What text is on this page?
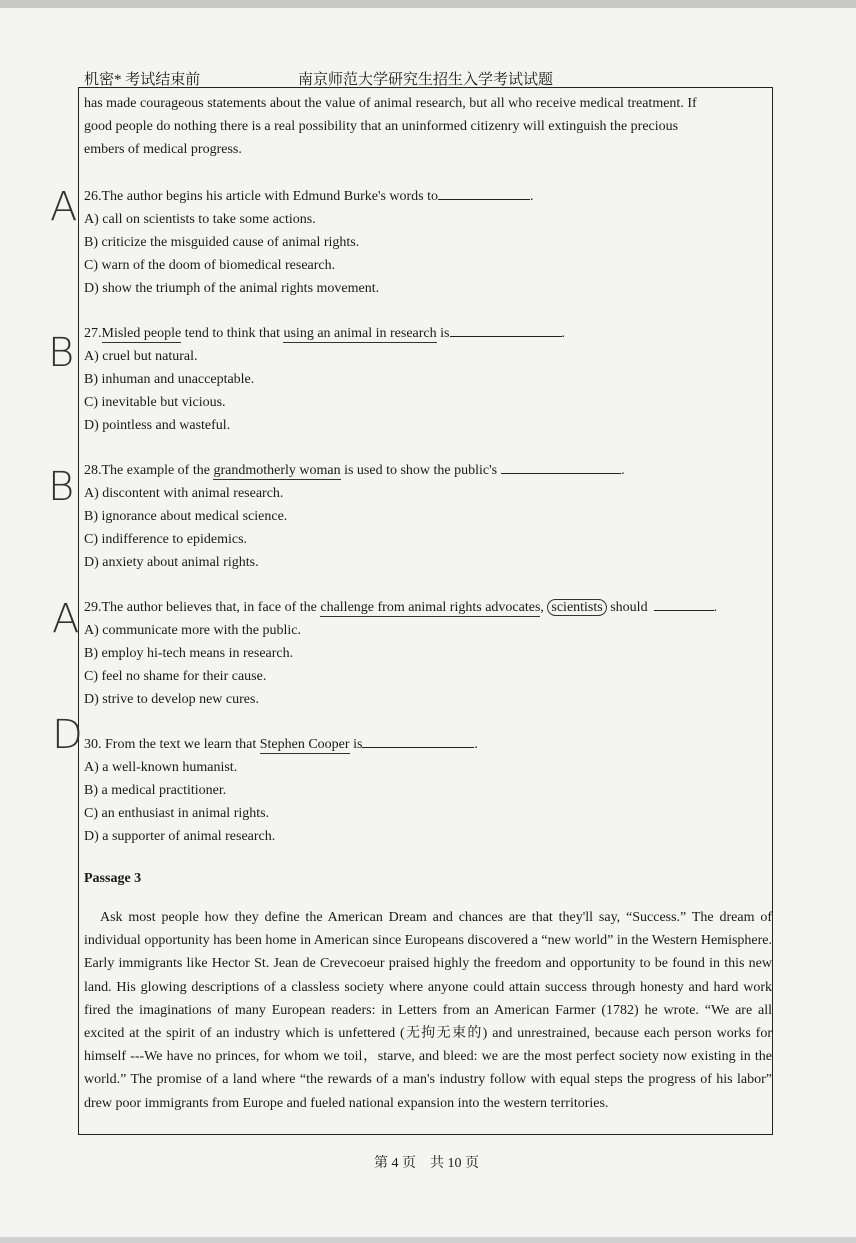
机密* 考试结束前	南京师范大学研究生招生入学考试试题

has made courageous statements about the value of animal research, but all who receive medical treatment. If

good people do nothing there is a real possibility that an uninformed citizenry will extinguish the precious

embers of medical progress.

26.The author begins his article with Edmund Burke's words to	.

A) call on scientists to take some actions.

B) criticize the misguided cause of animal rights.

C) warn of the doom of biomedical research.

D) show the triumph of the animal rights movement.

27.Misled people tend to think that using an animal in research is	.

A) cruel but natural.

B) inhuman and unacceptable.

C) inevitable but vicious.

D) pointless and wasteful.

28.The example of the grandmotherly woman is used to show the public's	.

A) discontent with animal research.

B) ignorance about medical science.

C) indifference to epidemics.

D) anxiety about animal rights.

29.The author believes that, in face of the challenge from animal rights advocates, scientists should	.

A) communicate more with the public.

B) employ hi-tech means in research.

C) feel no shame for their cause.

D) strive to develop new cures.

30. From the text we learn that Stephen Cooper is	.

A) a well-known humanist.

B) a medical practitioner.

C) an enthusiast in animal rights.

D) a supporter of animal research.

Passage 3

Ask most people how they define the American Dream and chances are that they'll say, “Success.” The dream of individual opportunity has been home in American since Europeans discovered a “new world” in the Western Hemisphere. Early immigrants like Hector St. Jean de Crevecoeur praised highly the freedom and opportunity to be found in this new land. His glowing descriptions of a classless society where anyone could attain success through honesty and hard work fired the imaginations of many European readers: in Letters from an American Farmer (1782) he wrote. “We are all excited at the spirit of an industry which is unfettered (无拘无束的) and unrestrained, because each person works for himself ---We have no princes, for whom we toil，starve, and bleed: we are the most perfect society now existing in the world.” The promise of a land where “the rewards of a man's industry follow with equal steps the progress of his labor” drew poor immigrants from Europe and fueled national expansion into the western territories.

A
B
B
A
D
第 4 页　共 10 页
